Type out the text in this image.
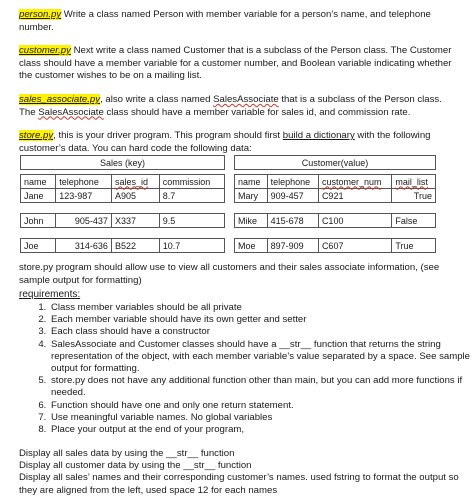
person.py Write a class named Person with member variable for a person’s name, and telephone number.
customer.py Next write a class named Customer that is a subclass of the Person class. The Customer class should have a member variable for a customer number, and Boolean variable indicating whether the customer wishes to be on a mailing list.
sales_associate.py, also write a class named SalesAssociate that is a subclass of the Person class. The SalesAssociate class should have a member variable for sales id, and commission rate.
store.py, this is your driver program. This program should first build a dictionary with the following customer’s data. You can hard code the following data:
Sales (key)			

name	telephone	sales_id	commission
Jane	123-987	A905	8.7

John	905-437	X337	9.5

Joe	314-636	B522	10.7
Customer(value)			

name	telephone	customer_num	mail_list
Mary	909-457	C921	True

Mike	415-678	C100	False

Moe	897-909	C607	True
store.py program should allow use to view all customers and their sales associate information, (see sample output for formatting)
requirements:
1. Class member variables should be all private
2. Each member variable should have its own getter and setter
3. Each class should have a constructor
4. SalesAssociate and Customer classes should have a __str__ function that returns the string representation of the object, with each member variable’s value separated by a space. See sample output for formatting.
5. store.py does not have any additional function other than main, but you can add more functions if needed.
6. Function should have one and only one return statement.
7. Use meaningful variable names. No global variables
8. Place your output at the end of your program,
Display all sales data by using the __str__ function
Display all customer data by using the __str__ function
Display all sales’ names and their corresponding customer’s names. used fstring to format the output so they are aligned from the left, used space 12 for each names
